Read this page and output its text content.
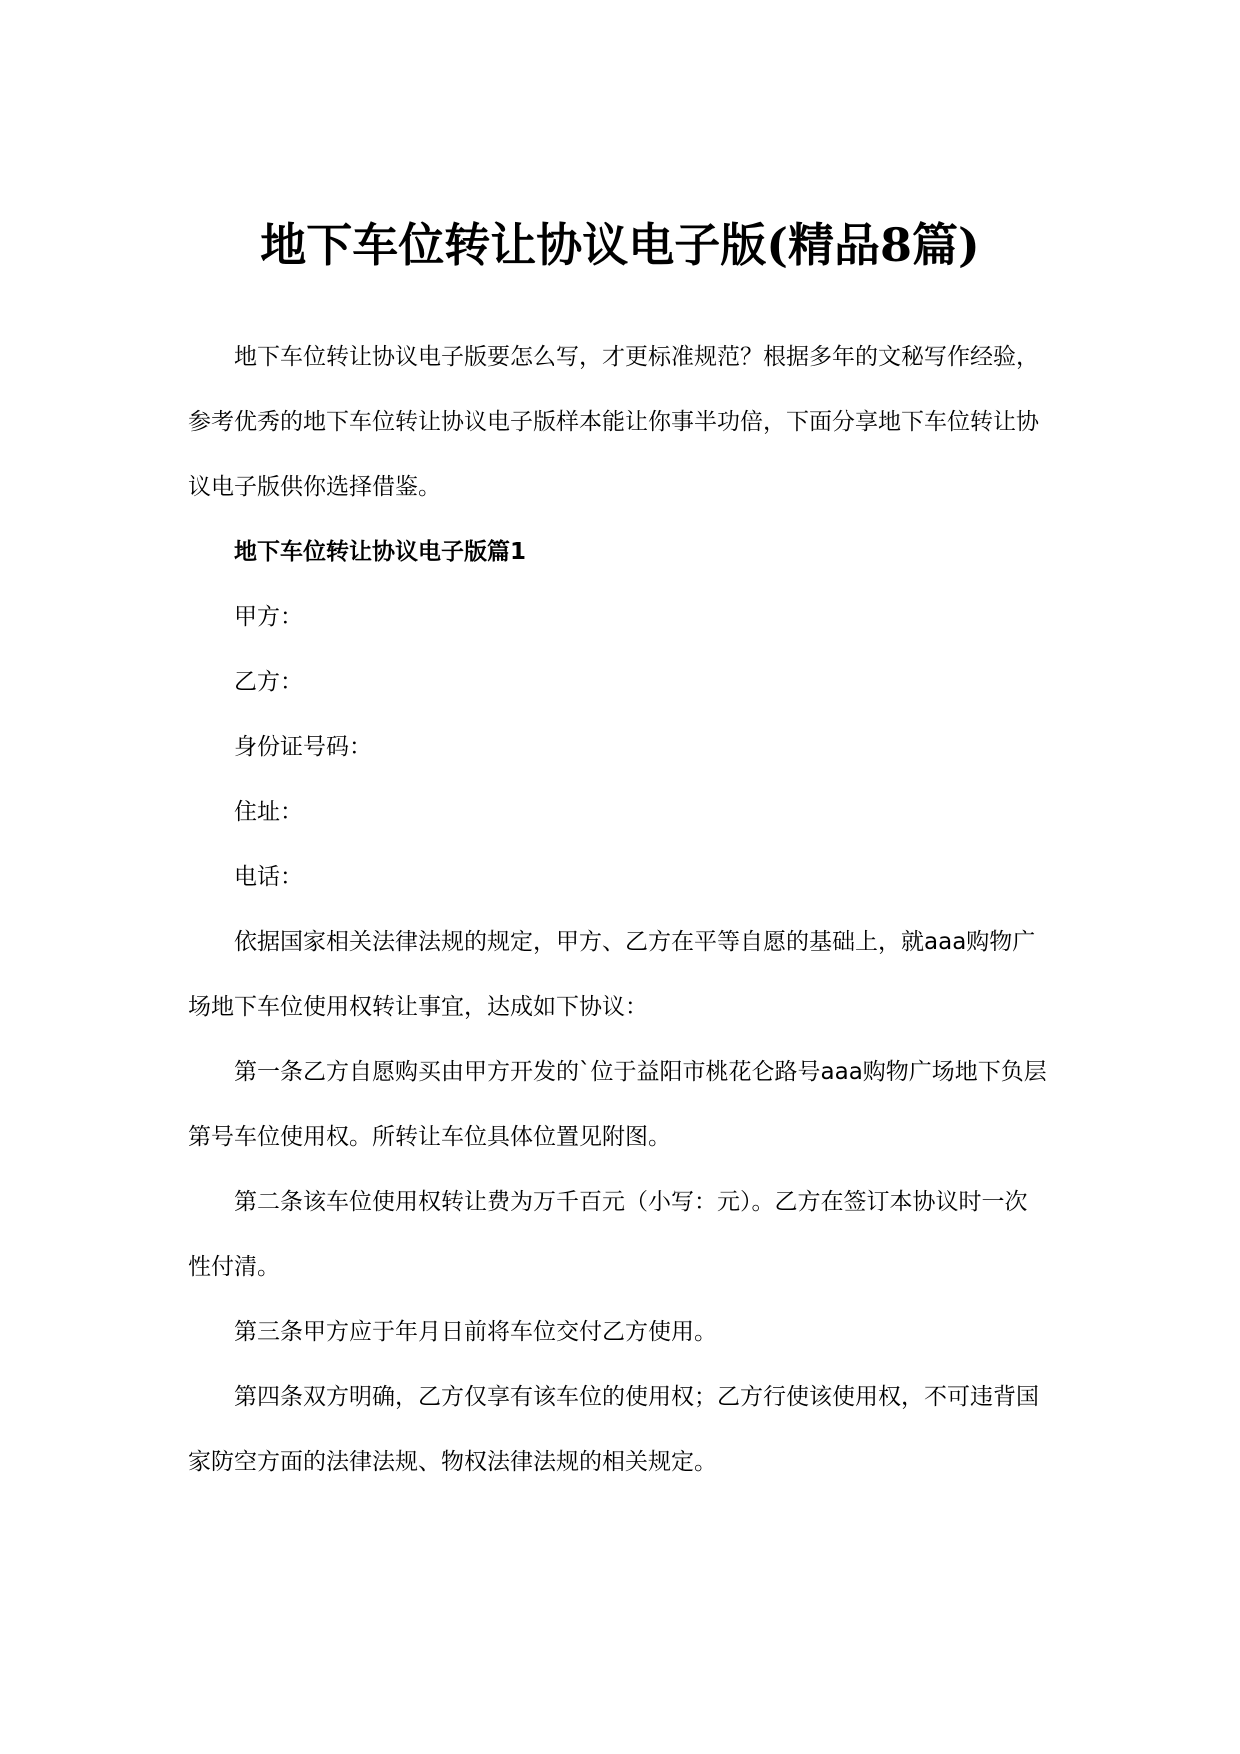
地下车位转让协议电子版(精品8篇)

地下车位转让协议电子版要怎么写，才更标准规范？根据多年的文秘写作经验，参考优秀的地下车位转让协议电子版样本能让你事半功倍，下面分享地下车位转让协议电子版供你选择借鉴。

地下车位转让协议电子版篇1

甲方：

乙方：

身份证号码：

住址：

电话：

依据国家相关法律法规的规定，甲方、乙方在平等自愿的基础上，就aaa购物广场地下车位使用权转让事宜，达成如下协议：

第一条乙方自愿购买由甲方开发的`位于益阳市桃花仑路号aaa购物广场地下负层第号车位使用权。所转让车位具体位置见附图。

第二条该车位使用权转让费为万千百元（小写：元）。乙方在签订本协议时一次性付清。

第三条甲方应于年月日前将车位交付乙方使用。

第四条双方明确，乙方仅享有该车位的使用权；乙方行使该使用权，不可违背国家防空方面的法律法规、物权法律法规的相关规定。
